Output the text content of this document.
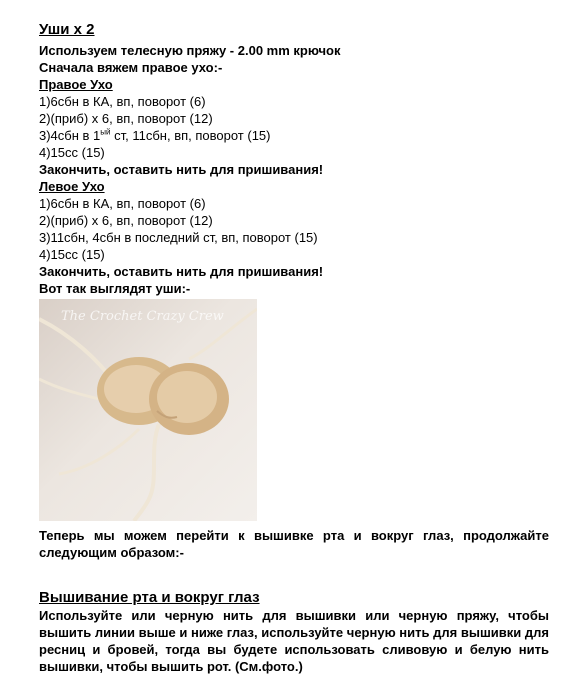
Уши х 2
Используем телесную пряжу - 2.00 mm крючок
Сначала вяжем правое ухо:-
Правое Ухо
1)6сбн в КА, вп, поворот (6)
2)(приб) х 6, вп, поворот (12)
3)4сбн в $1^{ый}$ ст, 11сбн, вп, поворот (15)
4)15сс (15)
Закончить, оставить нить для пришивания!
Левое Ухо
1)6сбн в КА, вп, поворот (6)
2)(приб) х 6, вп, поворот (12)
3)11сбн, 4сбн в последний ст, вп, поворот (15)
4)15сс (15)
Закончить, оставить нить для пришивания!
Вот так выглядят уши:-
The Crochet Crazy Crew
Теперь мы можем перейти к вышивке рта и вокруг глаз, продолжайте следующим образом:-
Вышивание рта и вокруг глаз
Используйте или черную нить для вышивки или черную пряжу, чтобы вышить линии выше и ниже глаз, используйте черную нить для вышивки для ресниц и бровей, тогда вы будете использовать сливовую и белую нить вышивки, чтобы вышить рот. (См.фото.)
